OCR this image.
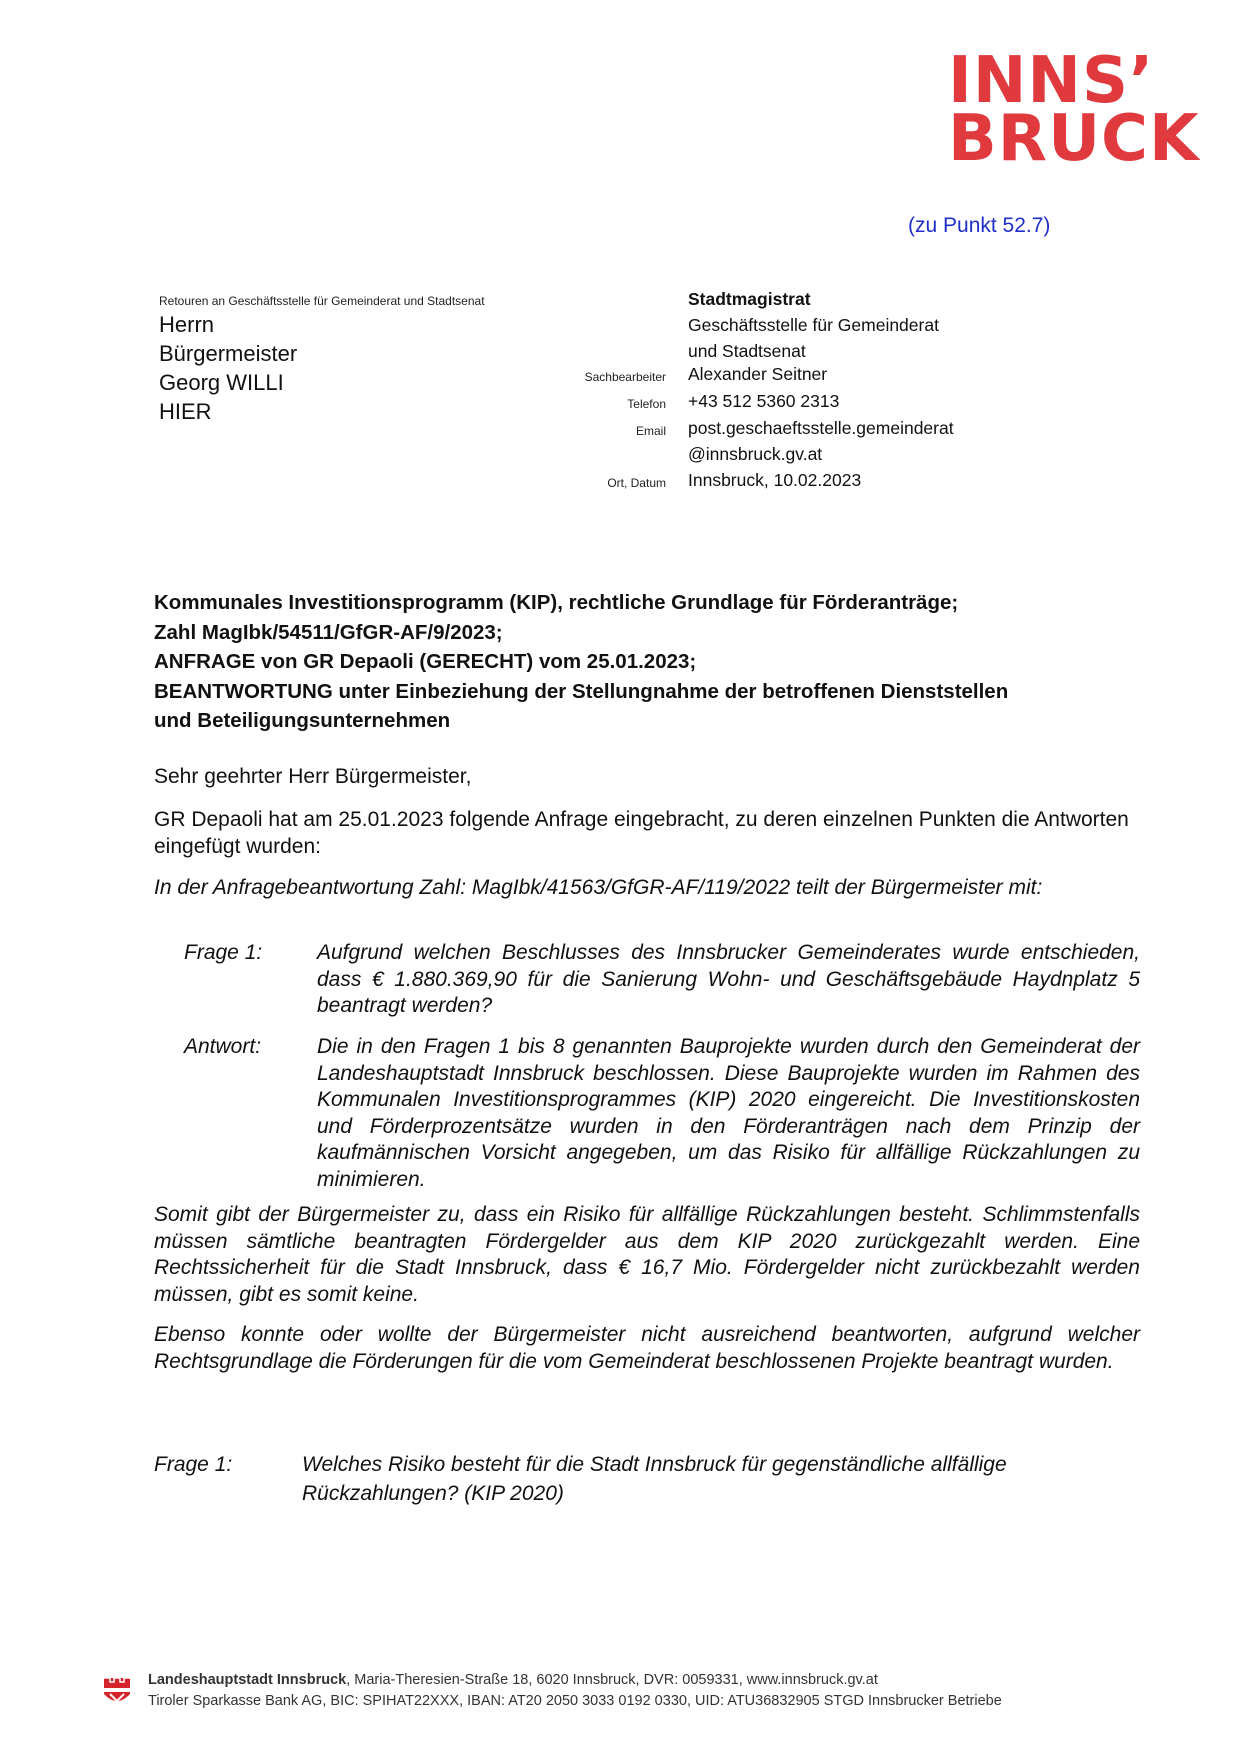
INNS’
BRUCK
(zu Punkt 52.7)
Retouren an Geschäftsstelle für Gemeinderat und Stadtsenat
Herrn
Bürgermeister
Georg WILLI
HIER
Stadtmagistrat
Geschäftsstelle für Gemeinderat
und Stadtsenat
Sachbearbeiter Alexander Seitner
Telefon +43 512 5360 2313
Email post.geschaeftsstelle.gemeinderat
@innsbruck.gv.at
Ort, Datum Innsbruck, 10.02.2023
Kommunales Investitionsprogramm (KIP), rechtliche Grundlage für Förderanträge;
Zahl MagIbk/54511/GfGR-AF/9/2023;
ANFRAGE von GR Depaoli (GERECHT) vom 25.01.2023;
BEANTWORTUNG unter Einbeziehung der Stellungnahme der betroffenen Dienststellen
und Beteiligungsunternehmen
Sehr geehrter Herr Bürgermeister,
GR Depaoli hat am 25.01.2023 folgende Anfrage eingebracht, zu deren einzelnen Punkten die Antworten eingefügt wurden:
In der Anfragebeantwortung Zahl: MagIbk/41563/GfGR-AF/119/2022 teilt der Bürgermeister mit:
Frage 1:	Aufgrund welchen Beschlusses des Innsbrucker Gemeinderates wurde entschieden, dass € 1.880.369,90 für die Sanierung Wohn- und Geschäftsgebäude Haydnplatz 5 beantragt werden?
Antwort:	Die in den Fragen 1 bis 8 genannten Bauprojekte wurden durch den Gemeinderat der Landeshauptstadt Innsbruck beschlossen. Diese Bauprojekte wurden im Rahmen des Kommunalen Investitionsprogrammes (KIP) 2020 eingereicht. Die Investitionskosten und Förderprozentsätze wurden in den Förderanträgen nach dem Prinzip der kaufmännischen Vorsicht angegeben, um das Risiko für allfällige Rückzahlungen zu minimieren.
Somit gibt der Bürgermeister zu, dass ein Risiko für allfällige Rückzahlungen besteht. Schlimmstenfalls müssen sämtliche beantragten Fördergelder aus dem KIP 2020 zurückgezahlt werden. Eine Rechtssicherheit für die Stadt Innsbruck, dass € 16,7 Mio. Fördergelder nicht zurückbezahlt werden müssen, gibt es somit keine.
Ebenso konnte oder wollte der Bürgermeister nicht ausreichend beantworten, aufgrund welcher Rechtsgrundlage die Förderungen für die vom Gemeinderat beschlossenen Projekte beantragt wurden.
Frage 1:	Welches Risiko besteht für die Stadt Innsbruck für gegenständliche allfällige Rückzahlungen? (KIP 2020)
Landeshauptstadt Innsbruck, Maria-Theresien-Straße 18, 6020 Innsbruck, DVR: 0059331, www.innsbruck.gv.at
Tiroler Sparkasse Bank AG, BIC: SPIHAT22XXX, IBAN: AT20 2050 3033 0192 0330, UID: ATU36832905 STGD Innsbrucker Betriebe
